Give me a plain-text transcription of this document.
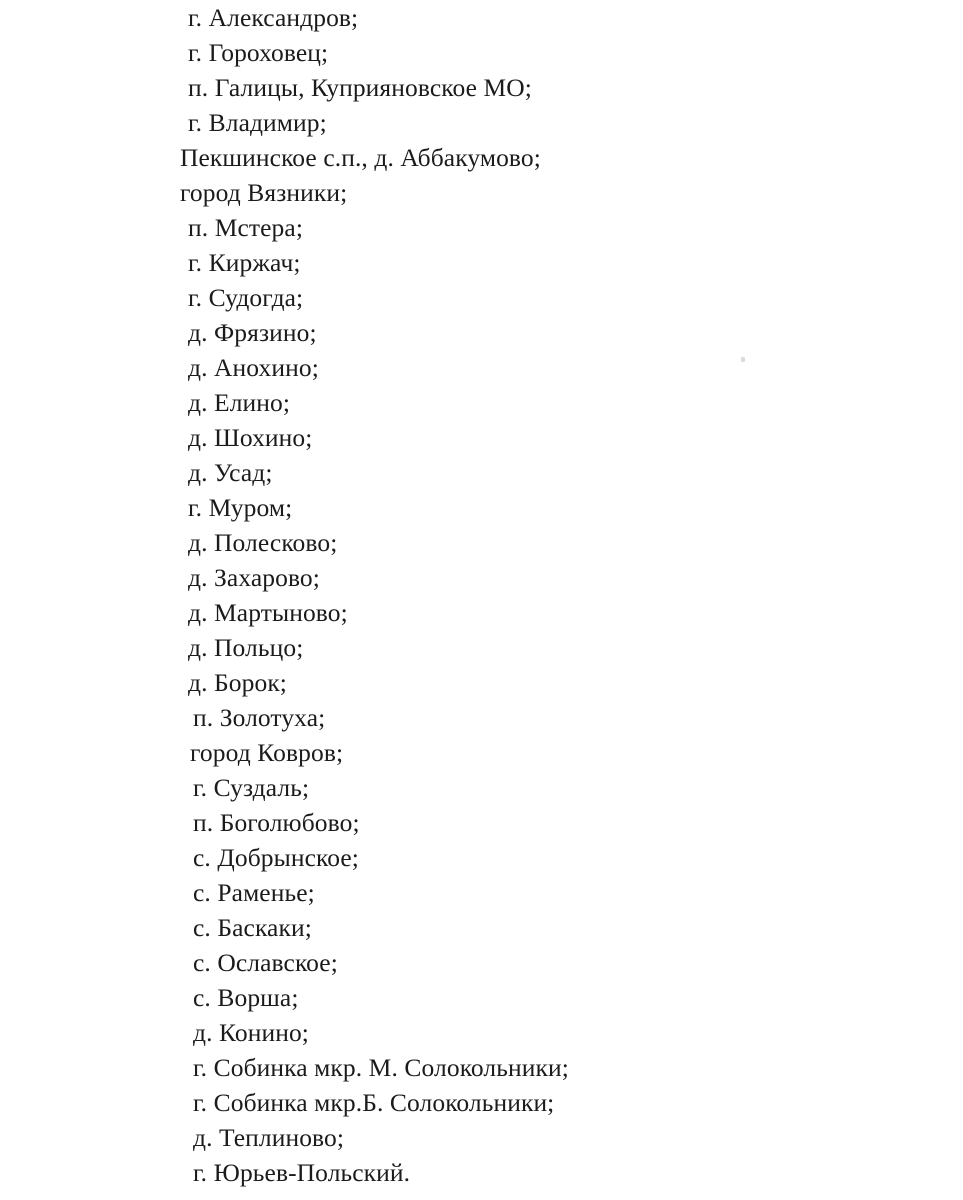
г. Александров;
г. Гороховец;
п. Галицы, Куприяновское МО;
г. Владимир;
Пекшинское с.п., д. Аббакумово;
город Вязники;
п. Мстера;
г. Киржач;
г. Судогда;
д. Фрязино;
д. Анохино;
д. Елино;
д. Шохино;
д. Усад;
г. Муром;
д. Полесково;
д. Захарово;
д. Мартыново;
д. Польцо;
д. Борок;
п. Золотуха;
город Ковров;
г. Суздаль;
п. Боголюбово;
с. Добрынское;
с. Раменье;
с. Баскаки;
с. Ославское;
с. Ворша;
д. Конино;
г. Собинка мкр. М. Солокольники;
г. Собинка мкр.Б. Солокольники;
д. Теплиново;
г. Юрьев-Польский.
